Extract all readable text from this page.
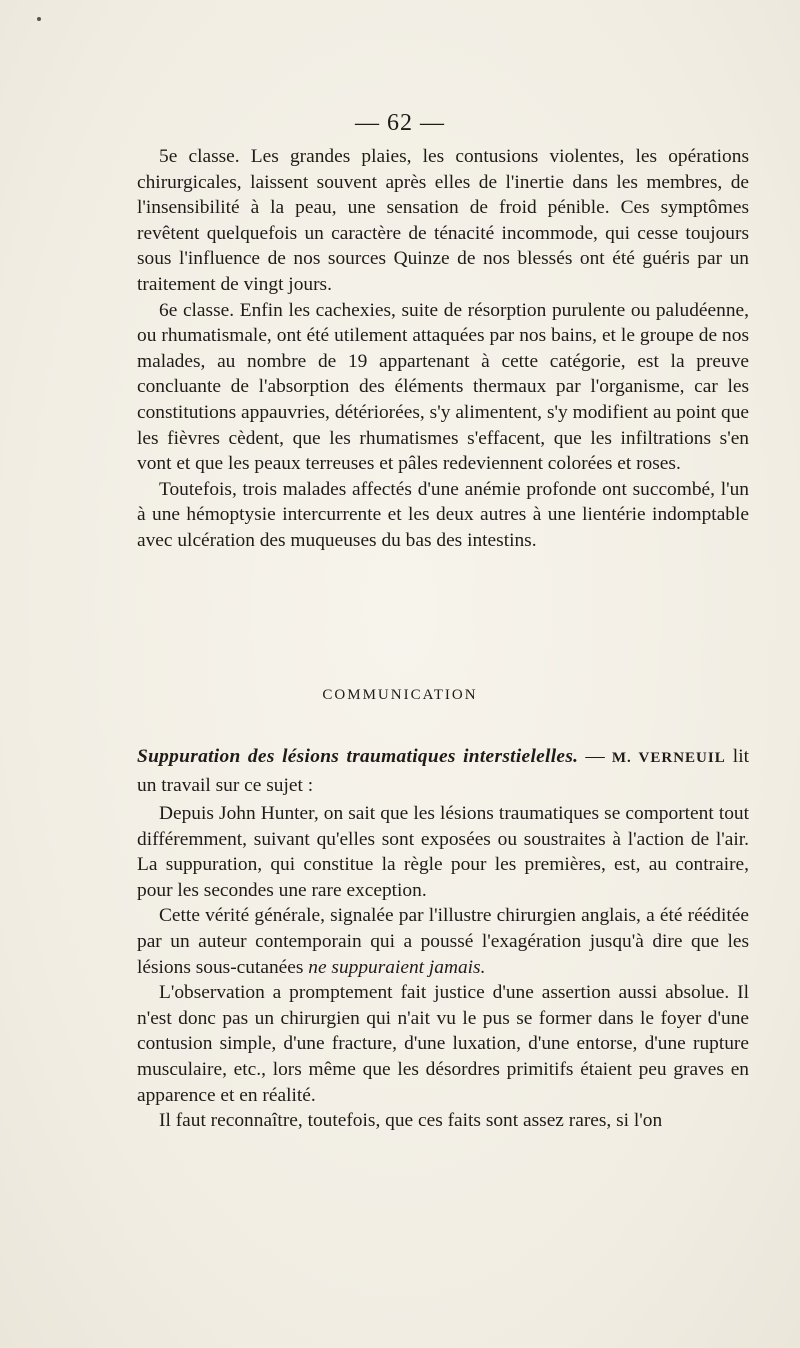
— 62 —

5e classe. Les grandes plaies, les contusions violentes, les opérations chirurgicales, laissent souvent après elles de l'inertie dans les membres, de l'insensibilité à la peau, une sensation de froid pénible. Ces symptômes revêtent quelquefois un caractère de ténacité incommode, qui cesse toujours sous l'influence de nos sources Quinze de nos blessés ont été guéris par un traitement de vingt jours.

6e classe. Enfin les cachexies, suite de résorption purulente ou paludéenne, ou rhumatismale, ont été utilement attaquées par nos bains, et le groupe de nos malades, au nombre de 19 appartenant à cette catégorie, est la preuve concluante de l'absorption des éléments thermaux par l'organisme, car les constitutions appauvries, détériorées, s'y alimentent, s'y modifient au point que les fièvres cèdent, que les rhumatismes s'effacent, que les infiltrations s'en vont et que les peaux terreuses et pâles redeviennent colorées et roses.

Toutefois, trois malades affectés d'une anémie profonde ont succombé, l'un à une hémoptysie intercurrente et les deux autres à une lientérie indomptable avec ulcération des muqueuses du bas des intestins.

COMMUNICATION
Suppuration des lésions traumatiques interstielelles. — M. VERNEUIL lit un travail sur ce sujet :

Depuis John Hunter, on sait que les lésions traumatiques se comportent tout différemment, suivant qu'elles sont exposées ou soustraites à l'action de l'air. La suppuration, qui constitue la règle pour les premières, est, au contraire, pour les secondes une rare exception.

Cette vérité générale, signalée par l'illustre chirurgien anglais, a été rééditée par un auteur contemporain qui a poussé l'exagération jusqu'à dire que les lésions sous-cutanées ne suppuraient jamais.

L'observation a promptement fait justice d'une assertion aussi absolue. Il n'est donc pas un chirurgien qui n'ait vu le pus se former dans le foyer d'une contusion simple, d'une fracture, d'une luxation, d'une entorse, d'une rupture musculaire, etc., lors même que les désordres primitifs étaient peu graves en apparence et en réalité.

Il faut reconnaître, toutefois, que ces faits sont assez rares, si l'on
